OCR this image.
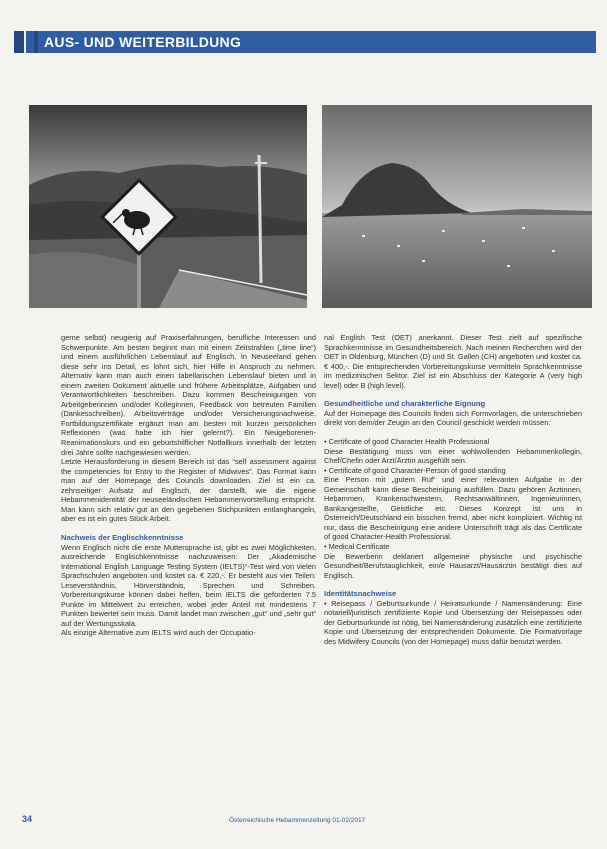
AUS- UND WEITERBILDUNG

gerne selbst) neugierig auf Praxiserfahrungen, berufliche Interessen und Schwerpunkte. Am besten beginnt man mit einem Zeitstrahlen („time line“) und einem ausführlichen Lebenslauf auf Englisch. In Neuseeland gehen diese sehr ins Detail, es lohnt sich, hier Hilfe in Anspruch zu nehmen. Alternativ kann man auch einen tabellarischen Lebenslauf bieten und in einem zweiten Dokument aktuelle und frühere Arbeitsplätze, Aufgaben und Verantwortlichkeiten beschreiben. Dazu kommen Bescheinigungen von Arbeitgeberinnen und/oder Kolleginnen, Feedback von betreuten Familien (Dankesschreiben), Arbeitsverträge und/oder Versicherungsnachweise. Fortbildungszertifikate ergänzt man am besten mit kurzen persönlichen Reflexionen (was habe ich hier gelernt?). Ein Neugeborenen-Reanimationskurs und ein geburtshilflicher Notfallkurs innerhalb der letzten drei Jahre sollte nachgewiesen werden.

Letzte Herausforderung in diesem Bereich ist das “self assessment against the competencies for Entry to the Register of Midwives”. Das Format kann man auf der Homepage des Councils downloaden. Ziel ist ein ca. zehnseitiger Aufsatz auf Englisch, der darstellt, wie die eigene Hebammenidentität der neuseeländischen Hebammenvorstellung entspricht. Man kann sich relativ gut an den gegebenen Stichpunkten entlanghangeln, aber es ist ein gutes Stück Arbeit.

Nachweis der Englischkenntnisse

Wenn Englisch nicht die erste Muttersprache ist, gibt es zwei Möglichkeiten, ausreichende Englischkenntnisse nachzuweisen: Der „Akademische International English Language Testing System (IELTS)“-Test wird von vielen Sprachschulen angeboten und kostet ca. € 220,-. Er besteht aus vier Teilen: Leseverständnis, Hörverständnis, Sprechen und Schreiben. Vorbereitungskurse können dabei helfen, beim IELTS die geforderten 7.5 Punkte im Mittelwert zu erreichen, wobei jeder Anteil mit mindestens 7 Punkten bewertet sein muss. Damit landet man zwischen „gut“ und „sehr gut“ auf der Wertungsskala.

Als einzige Alternative zum IELTS wird auch der Occupatio-

nal English Test (OET) anerkannt. Dieser Test zielt auf spezifische Sprachkenntnisse im Gesundheitsbereich. Nach meinen Recherchen wird der OET in Oldenburg, München (D) und St. Gallen (CH) angeboten und kostet ca. € 400,-. Die entsprechenden Vorbereitungskurse vermitteln Sprachkenntnisse im medizinischen Sektor. Ziel ist ein Abschluss der Kategorie A (very high level) oder B (high level).

Gesundheitliche und charakterliche Eignung

Auf der Homepage des Councils finden sich Formvorlagen, die unterschrieben direkt von dem/der Zeugin an den Council geschickt werden müssen:

• Certificate of good Character Health Professional

Diese Bestätigung muss von einer wohlwollenden Hebammenkollegin, Chef/Chefin oder Arzt/Ärztin ausgefüllt sein.

• Certificate of good Character-Person of good standing

Eine Person mit „gutem Ruf“ und einer relevanten Aufgabe in der Gemeinschaft kann diese Bescheinigung ausfüllen. Dazu gehören Ärztinnen, Hebammen, Krankenschwestern, Rechtsanwältinnen, Ingenieurinnen, Bankangestellte, Geistliche etc. Dieses Konzept ist uns in Österreich/Deutschland ein bisschen fremd, aber nicht kompliziert. Wichtig ist nur, dass die Bescheinigung eine andere Unterschrift trägt als das Certificate of good Character-Health Professional.

• Medical Certificate

Die Bewerberin deklariert allgemeine physische und psychische Gesundheit/Berufstauglichkeit, ein/e Hausarzt/Hausärztin bestätigt dies auf Englisch.

Identitätsnachweise

• Reisepass / Geburtsurkunde / Heiratsurkunde / Namensänderung: Eine notariell/juristisch zertifizierte Kopie und Übersetzung der Reisepasses oder der Geburtsurkunde ist nötig, bei Namensänderung zusätzlich eine zertifizierte Kopie und Übersetzung der entsprechenden Dokumente. Die Formatvorlage des Midwifery Councils (von der Homepage) muss dafür benutzt werden.

34	Österreichische Hebammenzeitung 01-02/2017
